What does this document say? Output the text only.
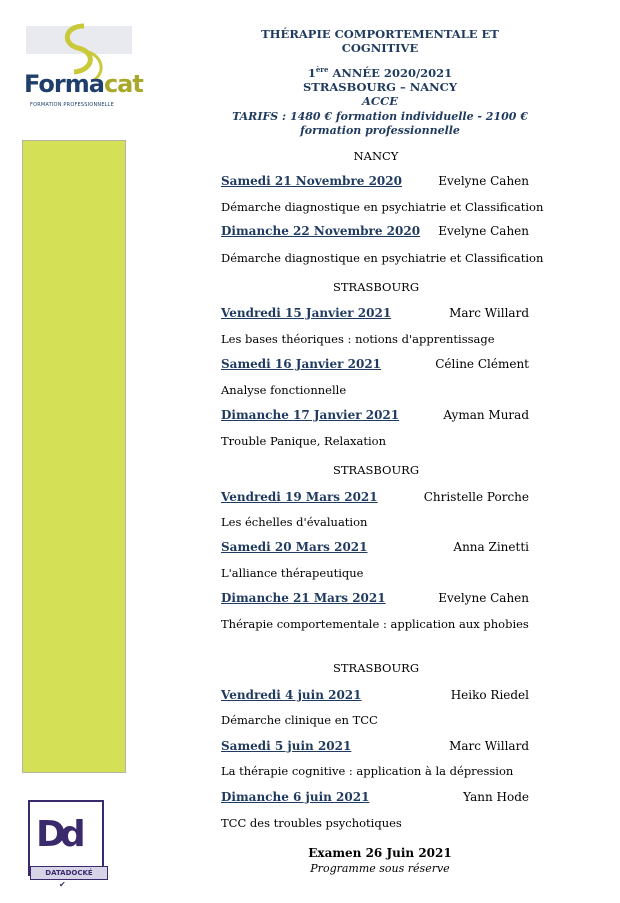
Formacat
FORMATION PROFESSIONNELLE
Dd
DATADOCKÉ
✔
THÉRAPIE COMPORTEMENTALE ET COGNITIVE
1ère ANNÉE 2020/2021
STRASBOURG – NANCY
ACCE
TARIFS : 1480 € formation individuelle - 2100 € formation professionnelle
NANCY
Samedi 21 Novembre 2020	Evelyne Cahen
Démarche diagnostique en psychiatrie et Classification
Dimanche 22 Novembre 2020 Evelyne Cahen
Démarche diagnostique en psychiatrie et Classification
STRASBOURG
Vendredi 15 Janvier 2021	Marc Willard
Les bases théoriques : notions d'apprentissage
Samedi 16 Janvier 2021	Céline Clément
Analyse fonctionnelle
Dimanche 17 Janvier 2021	Ayman Murad
Trouble Panique, Relaxation
STRASBOURG
Vendredi 19 Mars 2021	Christelle Porche
Les échelles d'évaluation
Samedi 20 Mars 2021	Anna Zinetti
L'alliance thérapeutique
Dimanche 21 Mars 2021	Evelyne Cahen
Thérapie comportementale : application aux phobies
STRASBOURG
Vendredi 4 juin 2021	Heiko Riedel
Démarche clinique en TCC
Samedi 5 juin 2021	Marc Willard
La thérapie cognitive : application à la dépression
Dimanche 6 juin 2021	Yann Hode
TCC des troubles psychotiques
Examen 26 Juin 2021
Programme sous réserve
